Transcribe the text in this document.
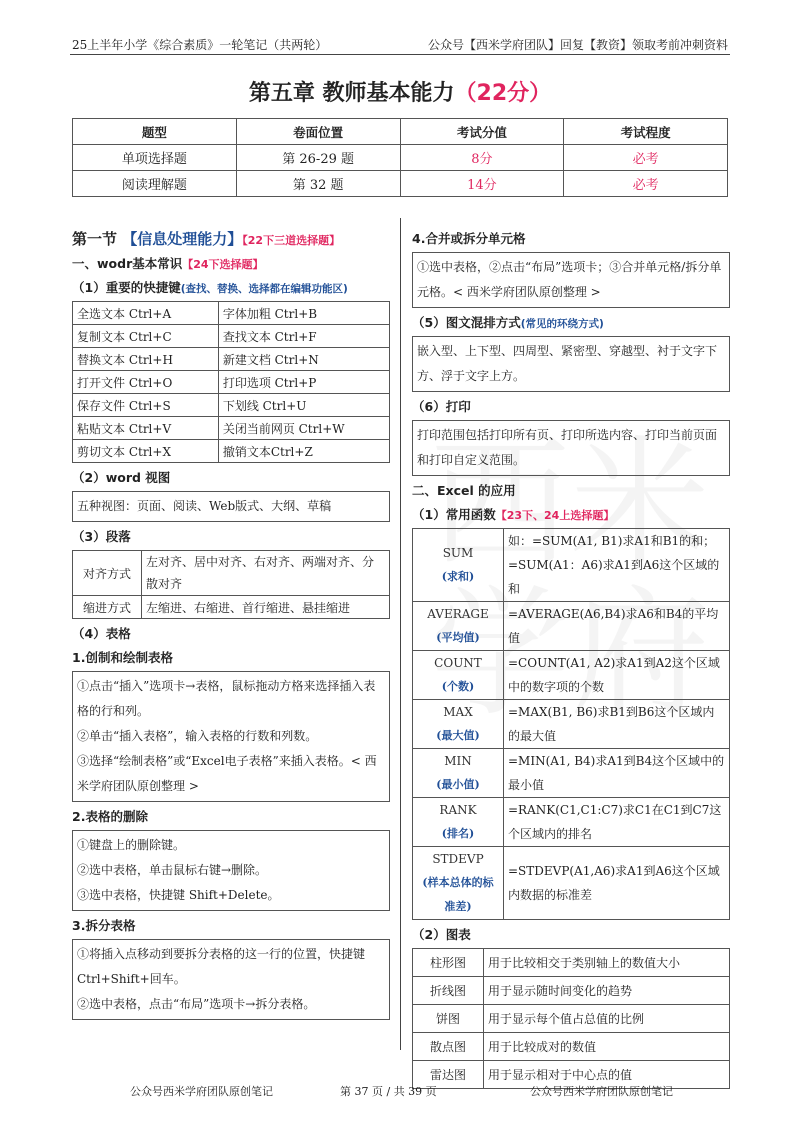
25上半年小学《综合素质》一轮笔记（共两轮）	公众号【西米学府团队】回复【教资】领取考前冲刺资料
第五章 教师基本能力（22分）
题型	卷面位置	考试分值	考试程度
单项选择题	第 26-29 题	8分	必考
阅读理解题	第 32 题	14分	必考
第一节 【信息处理能力】【22下三道选择题】
一、wodr基本常识【24下选择题】
（1）重要的快捷键(查找、替换、选择都在编辑功能区)
全选文本 Ctrl+A	字体加粗 Ctrl+B
复制文本 Ctrl+C	查找文本 Ctrl+F
替换文本 Ctrl+H	新建文档 Ctrl+N
打开文件 Ctrl+O	打印选项 Ctrl+P
保存文件 Ctrl+S	下划线 Ctrl+U
粘贴文本 Ctrl+V	关闭当前网页 Ctrl+W
剪切文本 Ctrl+X	撤销文本Ctrl+Z
（2）word 视图

五种视图：页面、阅读、Web版式、大纲、草稿

（3）段落
对齐方式	左对齐、居中对齐、右对齐、两端对齐、分散对齐
缩进方式	左缩进、右缩进、首行缩进、悬挂缩进
（4）表格
1.创制和绘制表格

①点击“插入”选项卡→表格，鼠标拖动方格来选择插入表格的行和列。

②单击“插入表格”，输入表格的行数和列数。

③选择“绘制表格”或“Excel电子表格”来插入表格。< 西米学府团队原创整理 >

2.表格的删除

①键盘上的删除键。

②选中表格，单击鼠标右键→删除。

③选中表格，快捷键 Shift+Delete。

3.拆分表格

①将插入点移动到要拆分表格的这一行的位置，快捷键Ctrl+Shift+回车。

②选中表格，点击“布局”选项卡→拆分表格。

4.合并或拆分单元格

①选中表格，②点击“布局”选项卡；③合并单元格/拆分单元格。< 西米学府团队原创整理 >

（5）图文混排方式(常见的环绕方式)

嵌入型、上下型、四周型、紧密型、穿越型、衬于文字下方、浮于文字上方。

（6）打印

打印范围包括打印所有页、打印所选内容、打印当前页面和打印自定义范围。

二、Excel 的应用
（1）常用函数【23下、24上选择题】
SUM
(求和)	如：=SUM(A1, B1)求A1和B1的和；=SUM(A1：A6)求A1到A6这个区域的和
AVERAGE
(平均值)	=AVERAGE(A6,B4)求A6和B4的平均值
COUNT
(个数)	=COUNT(A1, A2)求A1到A2这个区域中的数字项的个数
MAX
(最大值)	=MAX(B1, B6)求B1到B6这个区域内的最大值
MIN
(最小值)	=MIN(A1, B4)求A1到B4这个区域中的最小值
RANK
(排名)	=RANK(C1,C1:C7)求C1在C1到C7这个区域内的排名
STDEVP
(样本总体的标准差)	=STDEVP(A1,A6)求A1到A6这个区域内数据的标准差
（2）图表
柱形图	用于比较相交于类别轴上的数值大小
折线图	用于显示随时间变化的趋势
饼图	用于显示每个值占总值的比例
散点图	用于比较成对的数值
雷达图	用于显示相对于中心点的值
公众号西米学府团队原创笔记	第 37 页 / 共 39 页	公众号西米学府团队原创笔记
